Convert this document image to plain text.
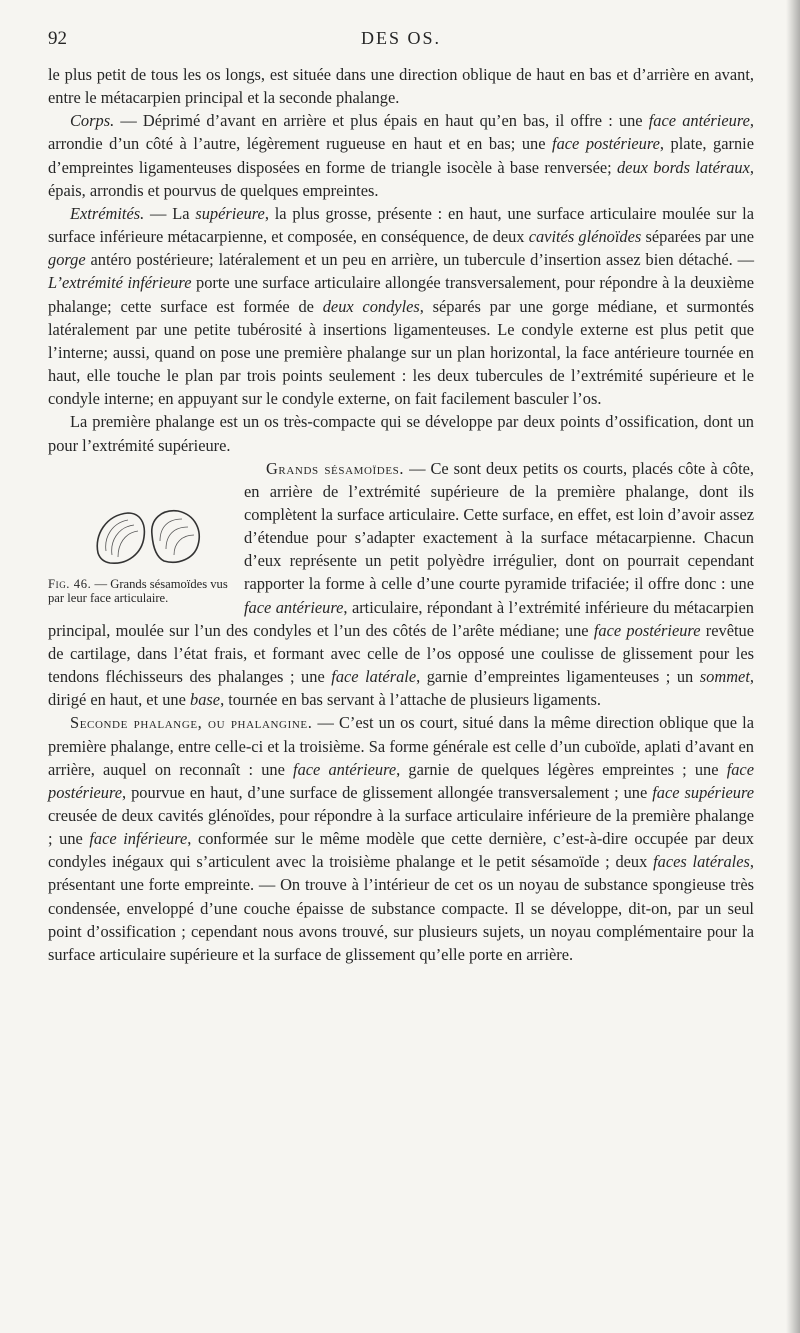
92	DES OS.

le plus petit de tous les os longs, est située dans une direction oblique de haut en bas et d’arrière en avant, entre le métacarpien principal et la seconde phalange.

Corps. — Déprimé d’avant en arrière et plus épais en haut qu’en bas, il offre : une face antérieure, arrondie d’un côté à l’autre, légèrement rugueuse en haut et en bas; une face postérieure, plate, garnie d’empreintes ligamenteuses disposées en forme de triangle isocèle à base renversée; deux bords latéraux, épais, arrondis et pourvus de quelques empreintes.

Extrémités. — La supérieure, la plus grosse, présente : en haut, une surface articulaire moulée sur la surface inférieure métacarpienne, et composée, en conséquence, de deux cavités glénoïdes séparées par une gorge antéro postérieure; latéralement et un peu en arrière, un tubercule d’insertion assez bien détaché. — L’extrémité inférieure porte une surface articulaire allongée transversalement, pour répondre à la deuxième phalange; cette surface est formée de deux condyles, séparés par une gorge médiane, et surmontés latéralement par une petite tubérosité à insertions ligamenteuses. Le condyle externe est plus petit que l’interne; aussi, quand on pose une première phalange sur un plan horizontal, la face antérieure tournée en haut, elle touche le plan par trois points seulement : les deux tubercules de l’extrémité supérieure et le condyle interne; en appuyant sur le condyle externe, on fait facilement basculer l’os.

La première phalange est un os très-compacte qui se développe par deux points d’ossification, dont un pour l’extrémité supérieure.

Grands sésamoïdes. — Ce sont deux petits os courts, placés côte à côte, en arrière de l’extrémité supérieure de la première phalange, dont ils complètent la surface articulaire. Cette surface, en effet, est loin d’avoir assez d’étendue pour s’adapter exactement à la surface métacarpienne. Chacun d’eux représente un petit polyèdre irrégulier, dont on pourrait cependant rapporter la forme à celle d’une courte pyramide trifaciée; il offre donc : une face antérieure, articulaire, répondant à l’extrémité inférieure du métacarpien principal, moulée sur l’un des condyles et l’un des côtés de l’arête médiane; une face postérieure revêtue de cartilage, dans l’état frais, et formant avec celle de l’os opposé une coulisse de glissement pour les tendons fléchisseurs des phalanges ; une face latérale, garnie d’empreintes ligamenteuses ; un sommet, dirigé en haut, et une base, tournée en bas servant à l’attache de plusieurs ligaments.

Seconde phalange, ou phalangine. — C’est un os court, situé dans la même direction oblique que la première phalange, entre celle-ci et la troisième. Sa forme générale est celle d’un cuboïde, aplati d’avant en arrière, auquel on reconnaît : une face antérieure, garnie de quelques légères empreintes ; une face postérieure, pourvue en haut, d’une surface de glissement allongée transversalement ; une face supérieure creusée de deux cavités glénoïdes, pour répondre à la surface articulaire inférieure de la première phalange ; une face inférieure, conformée sur le même modèle que cette dernière, c’est-à-dire occupée par deux condyles inégaux qui s’articulent avec la troisième phalange et le petit sésamoïde ; deux faces latérales, présentant une forte empreinte. — On trouve à l’intérieur de cet os un noyau de substance spongieuse très condensée, enveloppé d’une couche épaisse de substance compacte. Il se développe, dit-on, par un seul point d’ossification ; cependant nous avons trouvé, sur plusieurs sujets, un noyau complémentaire pour la surface articulaire supérieure et la surface de glissement qu’elle porte en arrière.

Fig. 46. — Grands sésamoïdes vus par leur face articulaire.
